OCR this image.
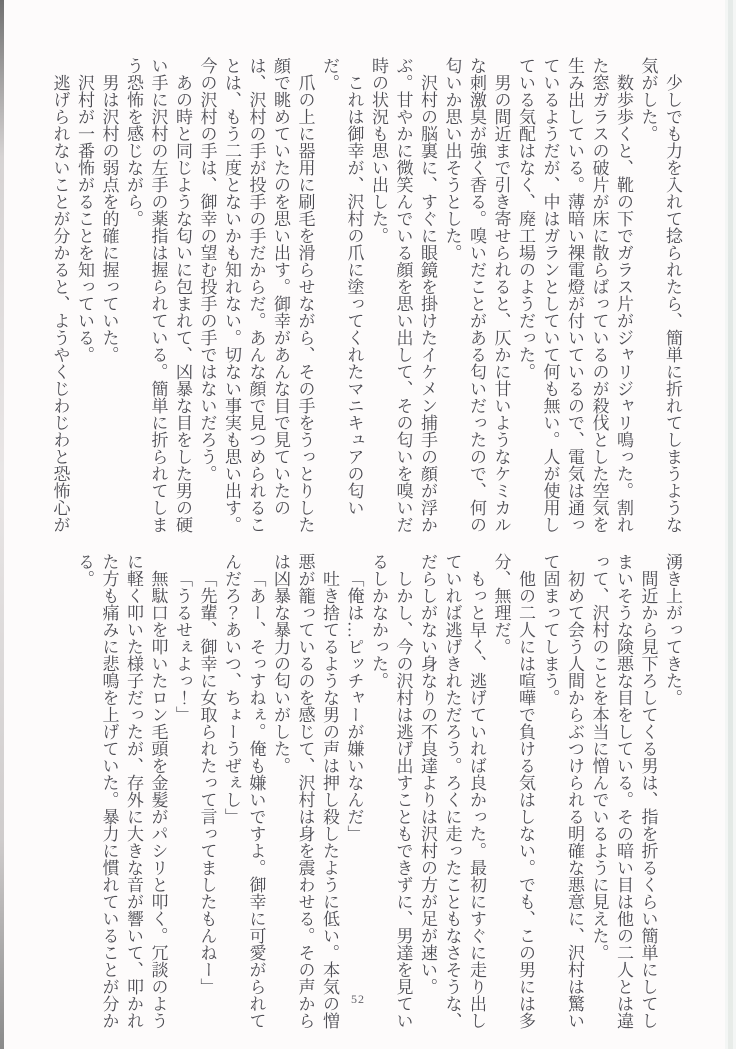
少しでも力を入れて捻られたら、簡単に折れてしまうような気がした。

数歩歩くと、靴の下でガラス片がジャリジャリ鳴った。割れた窓ガラスの破片が床に散らばっているのが殺伐とした空気を生み出している。薄暗い裸電燈が付いているので、電気は通っているようだが、中はガランとしていて何も無い。人が使用している気配はなく、廃工場のようだった。

男の間近まで引き寄せられると、仄かに甘いようなケミカルな刺激臭が強く香る。嗅いだことがある匂いだったので、何の匂いか思い出そうとした。

沢村の脳裏に、すぐに眼鏡を掛けたイケメン捕手の顔が浮かぶ。甘やかに微笑んでいる顔を思い出して、その匂いを嗅いだ時の状況も思い出した。

これは御幸が、沢村の爪に塗ってくれたマニキュアの匂いだ。

爪の上に器用に刷毛を滑らせながら、その手をうっとりした顔で眺めていたのを思い出す。御幸があんな目で見ていたのは、沢村の手が投手の手だからだ。あんな顔で見つめられることは、もう二度とないかも知れない。切ない事実も思い出す。今の沢村の手は、御幸の望む投手の手ではないだろう。

あの時と同じような匂いに包まれて、凶暴な目をした男の硬い手に沢村の左手の薬指は握られている。簡単に折られてしまう恐怖を感じながら。

男は沢村の弱点を的確に握っていた。

沢村が一番怖がることを知っている。

逃げられないことが分かると、ようやくじわじわと恐怖心が

湧き上がってきた。

間近から見下ろしてくる男は、指を折るくらい簡単にしてしまいそうな険悪な目をしている。その暗い目は他の二人とは違って、沢村のことを本当に憎んでいるように見えた。

初めて会う人間からぶつけられる明確な悪意に、沢村は驚いて固まってしまう。

他の二人には喧嘩で負ける気はしない。でも、この男には多分、無理だ。

もっと早く、逃げていれば良かった。最初にすぐに走り出していれば逃げきれただろう。ろくに走ったこともなさそうな、だらしがない身なりの不良達よりは沢村の方が足が速い。

しかし、今の沢村は逃げ出すこともできずに、男達を見ているしかなかった。

「俺は…ピッチャーが嫌いなんだ」

吐き捨てるような男の声は押し殺したように低い。本気の憎悪が籠っているのを感じて、沢村は身を震わせる。その声からは凶暴な暴力の匂いがした。

「あー、そっすねぇ。俺も嫌いですよ。御幸に可愛がられてんだろ？あいつ、ちょーうぜぇし」

「先輩、御幸に女取られたって言ってましたもんねー」

「うるせぇよっ！」

無駄口を叩いたロン毛頭を金髪がパシリと叩く。冗談のように軽く叩いた様子だったが、存外に大きな音が響いて、叩かれた方も痛みに悲鳴を上げていた。暴力に慣れていることが分かる。

52
